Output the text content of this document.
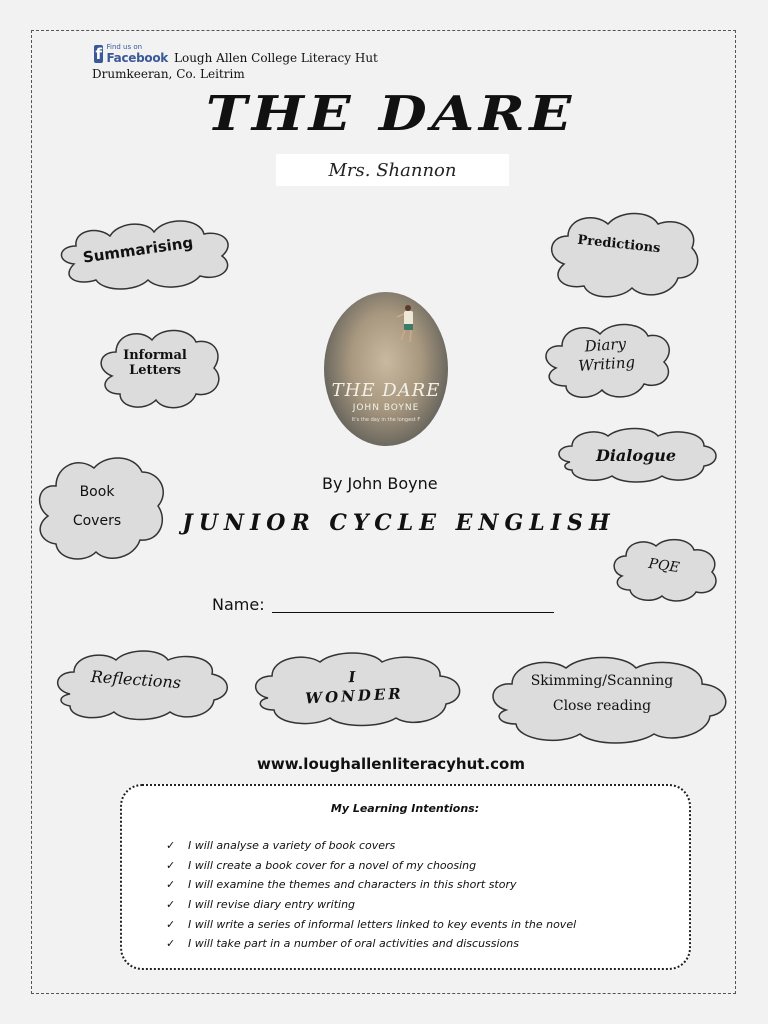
f Find us on
Facebook Lough Allen College Literacy Hut
Drumkeeran, Co. Leitrim
THE DARE
Mrs. Shannon
Summarising	Predictions
Informal
Letters
Diary
Writing
Dialogue
Book
Covers
PQE
Reflections	I
WONDER
Skimming/Scanning
Close reading
THE DARE
JOHN BOYNE
It's the day in the longest F
By John Boyne
JUNIOR CYCLE ENGLISH
Name:
www.loughallenliteracyhut.com
My Learning Intentions:
✓	I will analyse a variety of book covers
✓	I will create a book cover for a novel of my choosing
✓	I will examine the themes and characters in this short story
✓	I will revise diary entry writing
✓	I will write a series of informal letters linked to key events in the novel
✓	I will take part in a number of oral activities and discussions
